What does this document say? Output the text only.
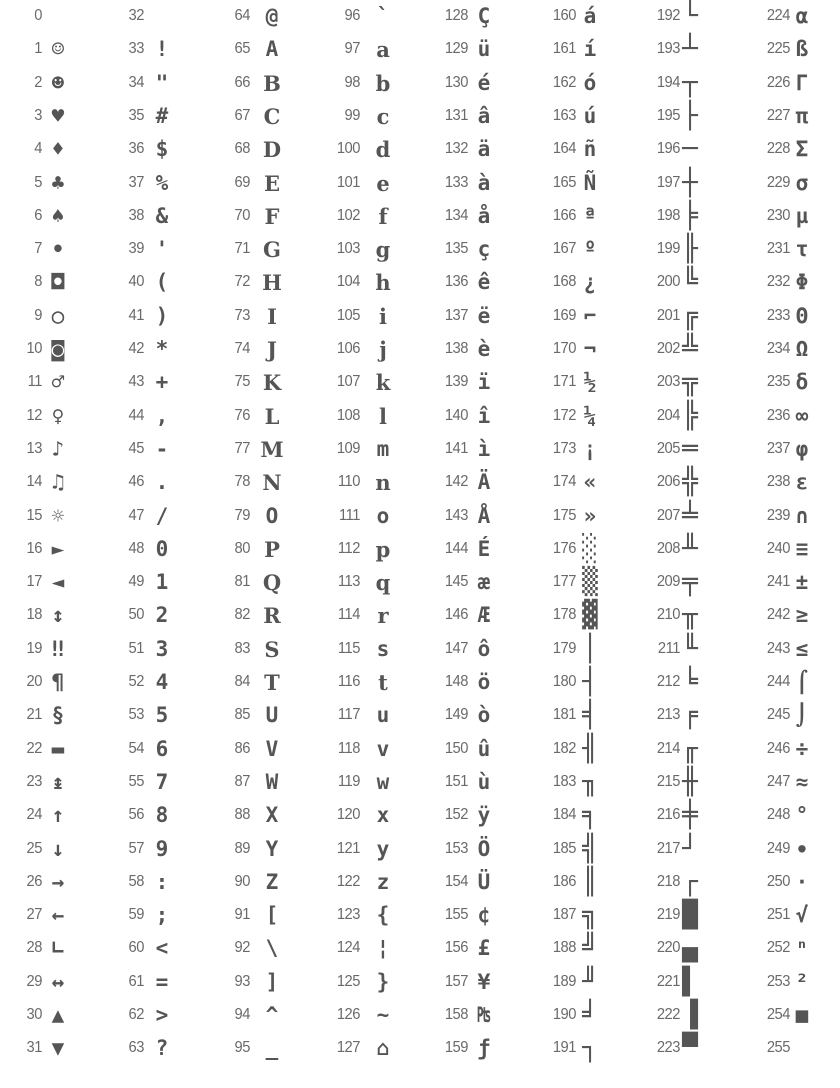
0
1 ☺
2 ☻
3 ♥
4 ♦
5 ♣
6 ♠
7 •
8 ◘
9 ○
10 ◙
11 ♂
12 ♀
13 ♪
14 ♫
15 ☼
16 ►
17 ◄
18 ↕
19 ‼
20 ¶
21 §
22 ▬
23 ↨
24 ↑
25 ↓
26 →
27 ←
28 ∟
29 ↔
30 ▲
31 ▼
32
33 !
34 "
35 #
36 $
37 %
38 &
39 '
40 (
41 )
42 *
43 +
44 ,
45 -
46 .
47 /
48 0
49 1
50 2
51 3
52 4
53 5
54 6
55 7
56 8
57 9
58 :
59 ;
60 <
61 =
62 >
63 ?
64 @
65 A
66 B
67 C
68 D
69 E
70 F
71 G
72 H
73 I
74 J
75 K
76 L
77 M
78 N
79 O
80 P
81 Q
82 R
83 S
84 T
85 U
86 V
87 W
88 X
89 Y
90 Z
91 [
92 \
93 ]
94 ^
95 _
96 `
97 a
98 b
99 c
100 d
101 e
102 f
103 g
104 h
105 i
106 j
107 k
108 l
109 m
110 n
111 o
112 p
113 q
114 r
115 s
116 t
117 u
118 v
119 w
120 x
121 y
122 z
123 {
124 ¦
125 }
126 ~
127 ⌂
128 Ç
129 ü
130 é
131 â
132 ä
133 à
134 å
135 ç
136 ê
137 ë
138 è
139 ï
140 î
141 ì
142 Ä
143 Å
144 É
145 æ
146 Æ
147 ô
148 ö
149 ò
150 û
151 ù
152 ÿ
153 Ö
154 Ü
155 ¢
156 £
157 ¥
158 ₧
159 ƒ
160 á
161 í
162 ó
163 ú
164 ñ
165 Ñ
166 ª
167 º
168 ¿
169 ⌐
170 ¬
171 ½
172 ¼
173 ¡
174 «
175 »
176 ░
177 ▒
178 ▓
179 │
180 ┤
181 ╡
182 ╢
183 ╖
184 ╕
185 ╣
186 ║
187 ╗
188 ╝
189 ╜
190 ╛
191 ┐
192 └
193 ┴
194 ┬
195 ├
196 ─
197 ┼
198 ╞
199 ╟
200 ╚
201 ╔
202 ╩
203 ╦
204 ╠
205 ═
206 ╬
207 ╧
208 ╨
209 ╤
210 ╥
211 ╙
212 ╘
213 ╒
214 ╓
215 ╫
216 ╪
217 ┘
218 ┌
219 █
220 ▄
221 ▌
222 ▐
223 ▀
224 α
225 ß
226 Γ
227 π
228 Σ
229 σ
230 µ
231 τ
232 Φ
233 Θ
234 Ω
235 δ
236 ∞
237 φ
238 ε
239 ∩
240 ≡
241 ±
242 ≥
243 ≤
244 ⌠
245 ⌡
246 ÷
247 ≈
248 °
249 ∙
250 ·
251 √
252 ⁿ
253 ²
254 ■
255
